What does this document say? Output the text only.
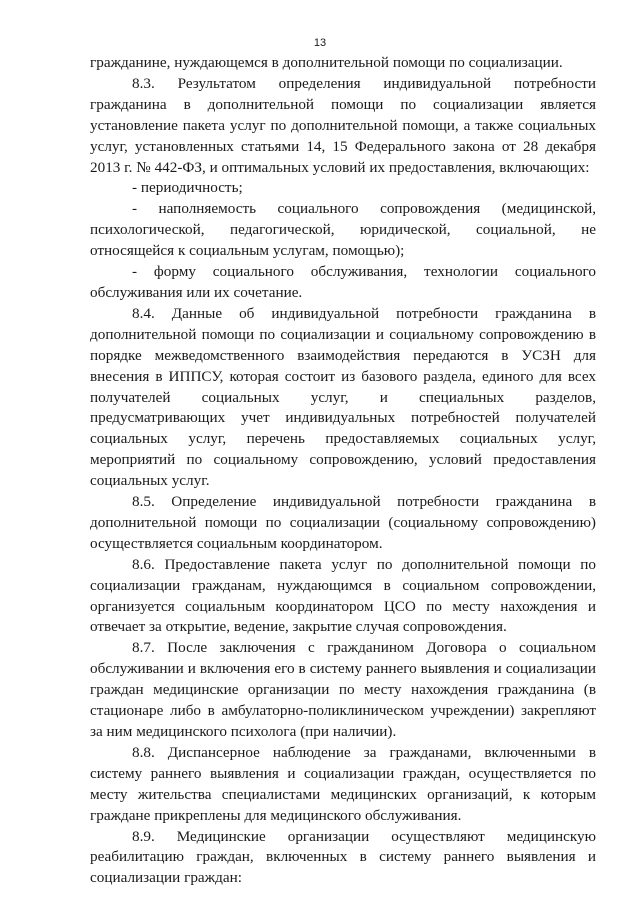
13

гражданине, нуждающемся в дополнительной помощи по социализации.

8.3. Результатом определения индивидуальной потребности гражданина в дополнительной помощи по социализации является установление пакета услуг по дополнительной помощи, а также социальных услуг, установленных статьями 14, 15 Федерального закона от 28 декабря 2013 г. № 442-ФЗ, и оптимальных условий их предоставления, включающих:

- периодичность;

- наполняемость социального сопровождения (медицинской, психологической, педагогической, юридической, социальной, не относящейся к социальным услугам, помощью);

- форму социального обслуживания, технологии социального обслуживания или их сочетание.

8.4. Данные об индивидуальной потребности гражданина в дополнительной помощи по социализации и социальному сопровождению в порядке межведомственного взаимодействия передаются в УСЗН для внесения в ИППСУ, которая состоит из базового раздела, единого для всех получателей социальных услуг, и специальных разделов, предусматривающих учет индивидуальных потребностей получателей социальных услуг, перечень предоставляемых социальных услуг, мероприятий по социальному сопровождению, условий предоставления социальных услуг.

8.5. Определение индивидуальной потребности гражданина в дополнительной помощи по социализации (социальному сопровождению) осуществляется социальным координатором.

8.6. Предоставление пакета услуг по дополнительной помощи по социализации гражданам, нуждающимся в социальном сопровождении, организуется социальным координатором ЦСО по месту нахождения и отвечает за открытие, ведение, закрытие случая сопровождения.

8.7. После заключения с гражданином Договора о социальном обслуживании и включения его в систему раннего выявления и социализации граждан медицинские организации по месту нахождения гражданина (в стационаре либо в амбулаторно-поликлиническом учреждении) закрепляют за ним медицинского психолога (при наличии).

8.8. Диспансерное наблюдение за гражданами, включенными в систему раннего выявления и социализации граждан, осуществляется по месту жительства специалистами медицинских организаций, к которым граждане прикреплены для медицинского обслуживания.

8.9. Медицинские организации осуществляют медицинскую реабилитацию граждан, включенных в систему раннего выявления и социализации граждан:
